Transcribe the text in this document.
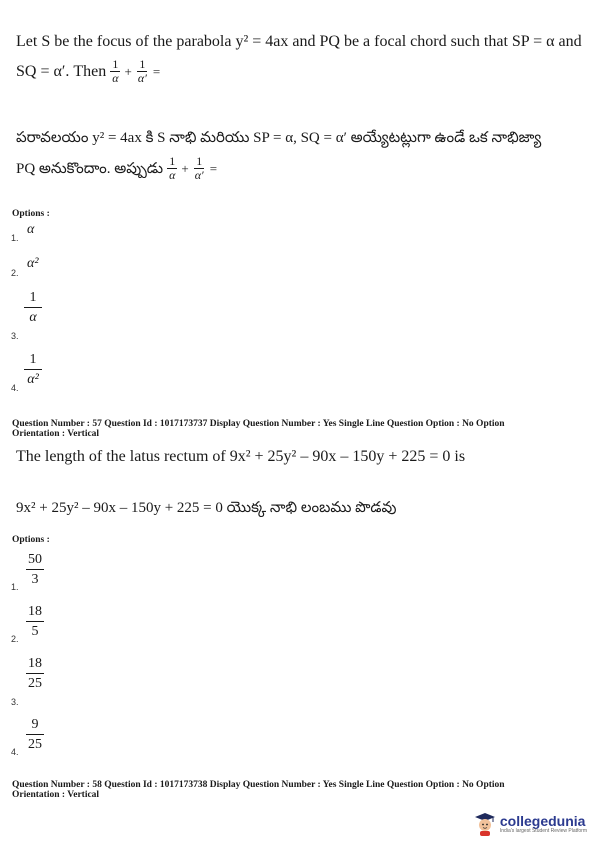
Let S be the focus of the parabola y² = 4ax and PQ be a focal chord such that SP = α and
SQ = α′. Then $\frac{1}{\alpha} + \frac{1}{\alpha'}$ =
పరావలయం y² = 4ax కి S నాభి మరియు SP = α, SQ = α′ అయ్యేటట్లుగా ఉండే ఒక నాభిజ్యా
PQ అనుకొందాం. అప్పుడు $\frac{1}{\alpha} + \frac{1}{\alpha'}$ =
Options :
1.
α
2.
α²
3.
$\frac{1}{\alpha}$
4. $\frac{1}{\text{α²}}$
Question Number : 57 Question Id : 1017173737 Display Question Number : Yes Single Line Question Option : No Option
Orientation : Vertical
The length of the latus rectum of 9x² + 25y² – 90x – 150y + 225 = 0 is
9x² + 25y² – 90x – 150y + 225 = 0 యొక్క నాభి లంబము పొడవు
Options :
1. $\frac{50}{3}$
2. $\frac{18}{5}$
3.
$\frac{18}{25}$
4. $\frac{9}{25}$
Question Number : 58 Question Id : 1017173738 Display Question Number : Yes Single Line Question Option : No Option
Orientation : Vertical
collegedunia
India's largest Student Review Platform
